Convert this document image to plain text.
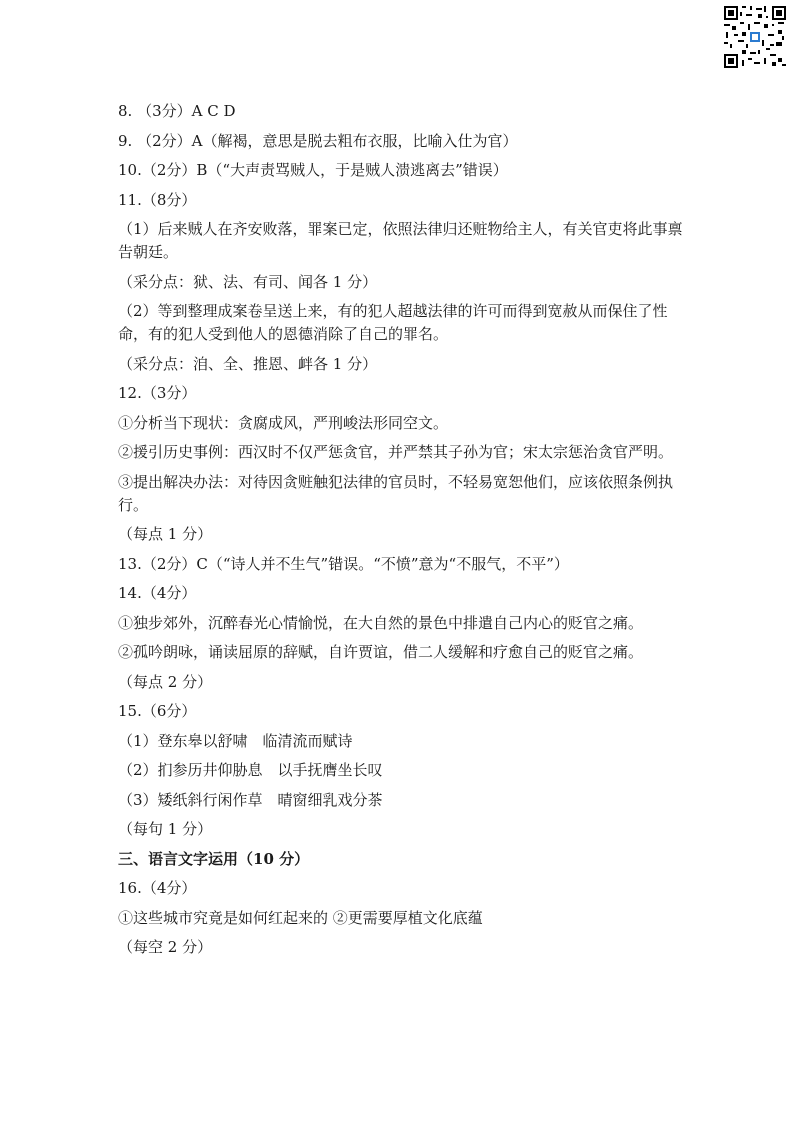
8. （3分）A C D

9. （2分）A（解褐，意思是脱去粗布衣服，比喻入仕为官）

10.（2分）B（“大声责骂贼人，于是贼人溃逃离去”错误）

11.（8分）

（1）后来贼人在齐安败落，罪案已定，依照法律归还赃物给主人，有关官吏将此事禀告朝廷。

（采分点：狱、法、有司、闻各 1 分）

（2）等到整理成案卷呈送上来，有的犯人超越法律的许可而得到宽赦从而保住了性命，有的犯人受到他人的恩德消除了自己的罪名。

（采分点：洎、全、推恩、衅各 1 分）

12.（3分）

①分析当下现状：贪腐成风，严刑峻法形同空文。

②援引历史事例：西汉时不仅严惩贪官，并严禁其子孙为官；宋太宗惩治贪官严明。

③提出解决办法：对待因贪赃触犯法律的官员时，不轻易宽恕他们，应该依照条例执行。

（每点 1 分）

13.（2分）C（“诗人并不生气”错误。“不愤”意为“不服气，不平”）

14.（4分）

①独步郊外，沉醉春光心情愉悦，在大自然的景色中排遣自己内心的贬官之痛。

②孤吟朗咏，诵读屈原的辞赋，自许贾谊，借二人缓解和疗愈自己的贬官之痛。

（每点 2 分）

15.（6分）

（1）登东皋以舒啸　临清流而赋诗

（2）扪参历井仰胁息　以手抚膺坐长叹

（3）矮纸斜行闲作草　晴窗细乳戏分茶

（每句 1 分）

三、语言文字运用（10 分）

16.（4分）

①这些城市究竟是如何红起来的 ②更需要厚植文化底蕴

（每空 2 分）
